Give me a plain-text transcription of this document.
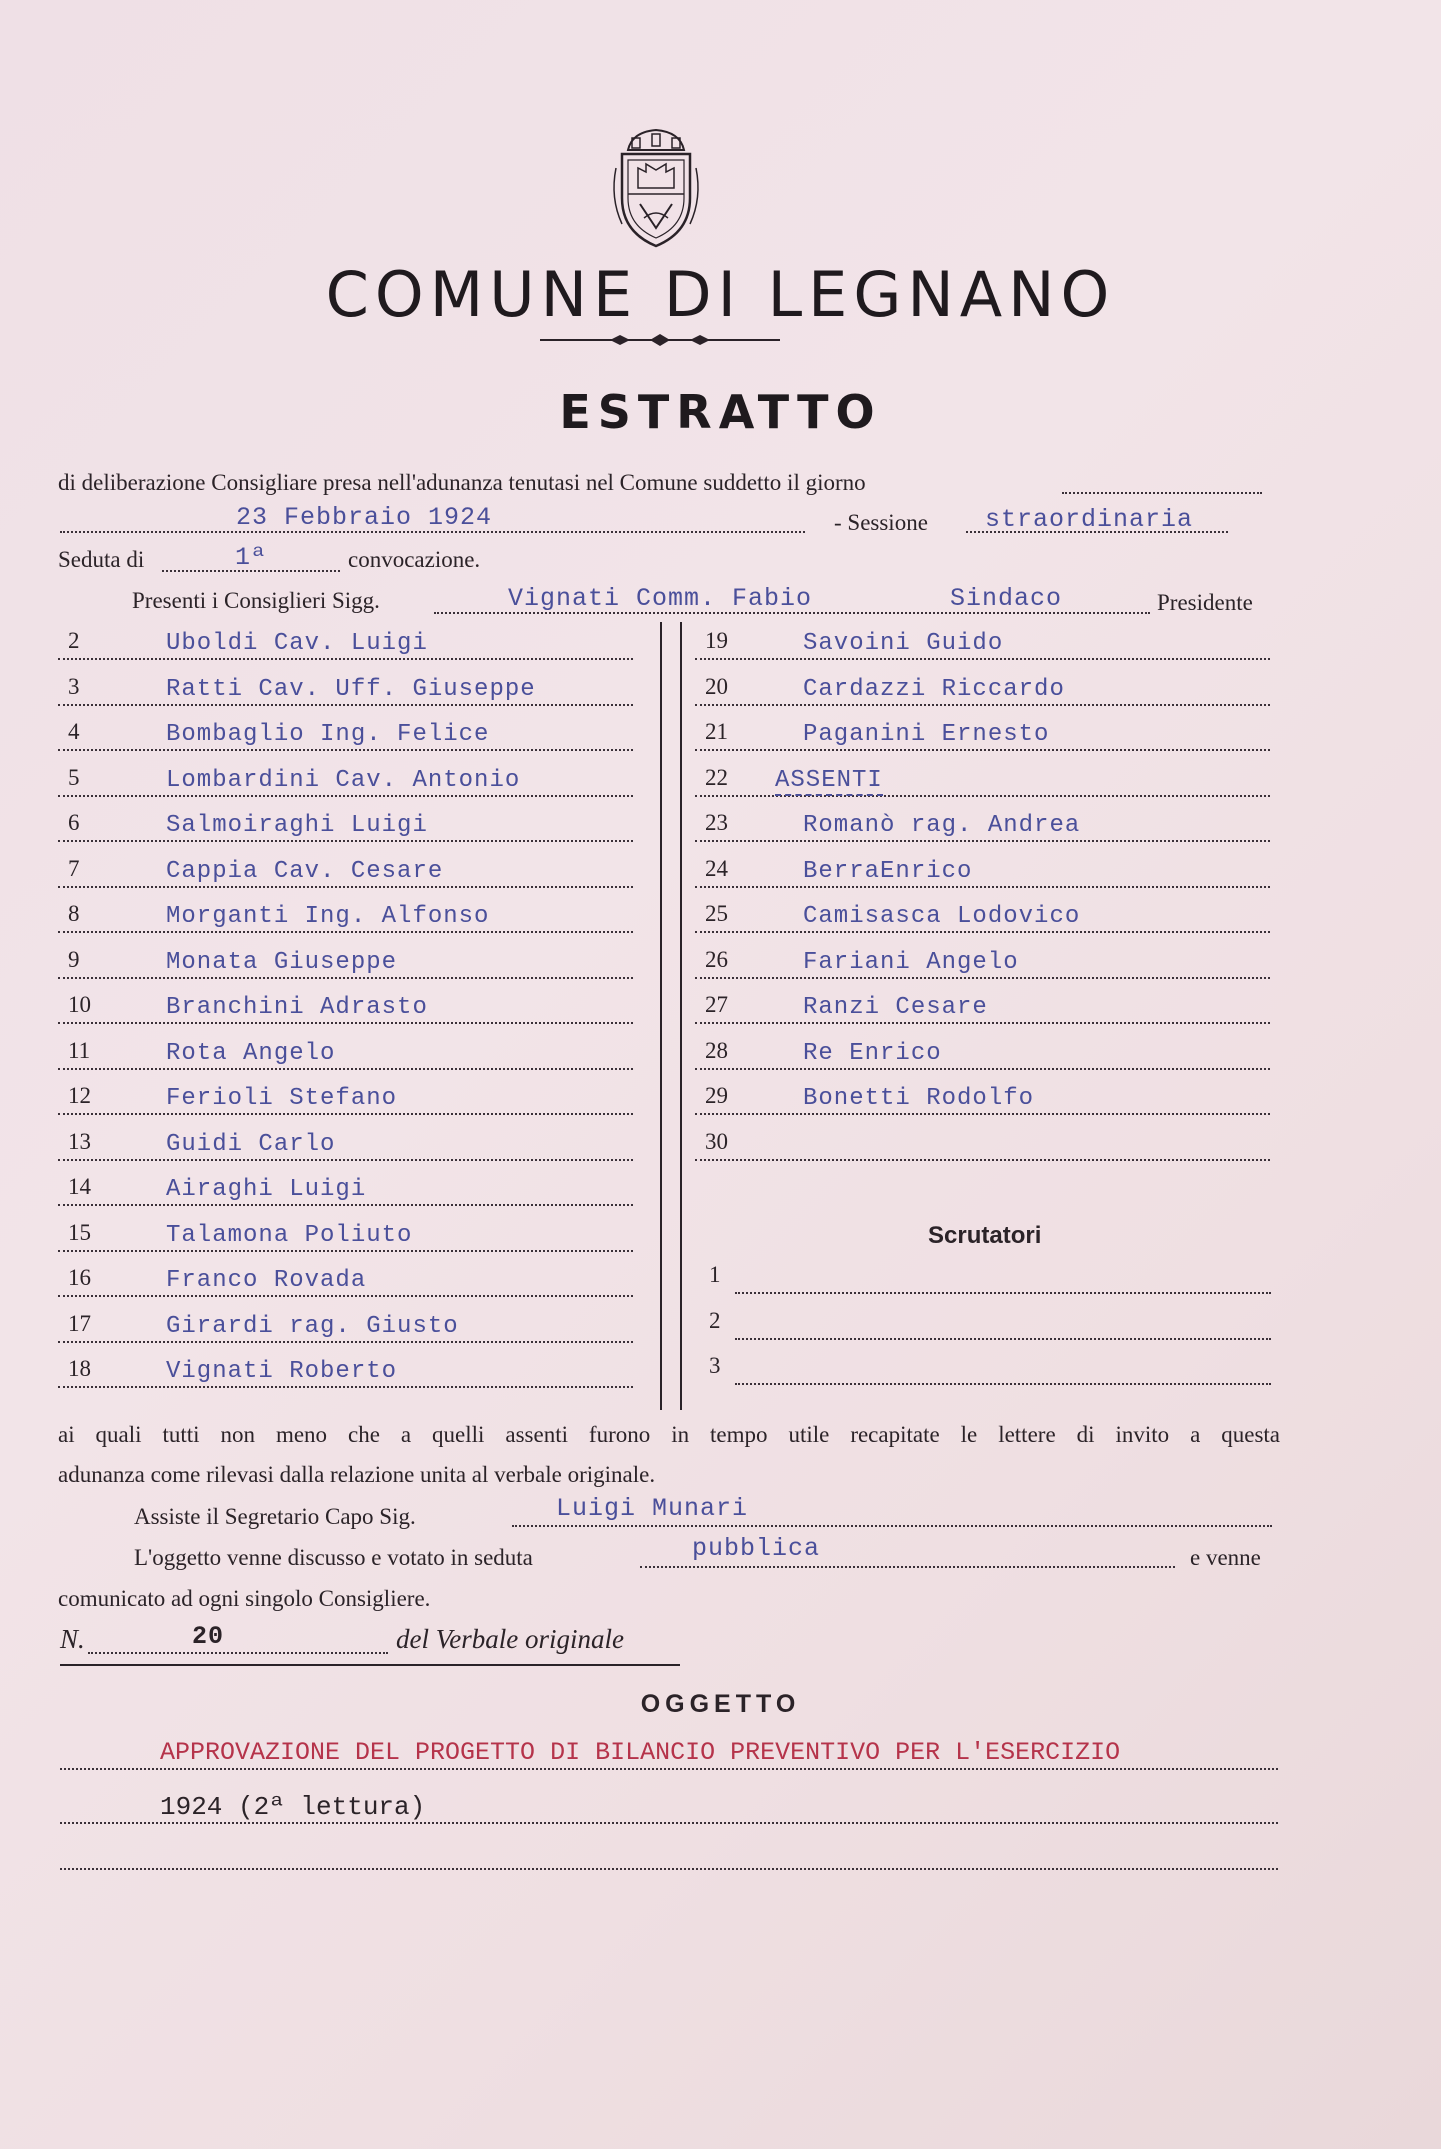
COMUNE DI LEGNANO
ESTRATTO
di deliberazione Consigliare presa nell'adunanza tenutasi nel Comune suddetto il giorno
23 Febbraio 1924	- Sessione straordinaria
Seduta di	1ª	convocazione.
Presenti i Consiglieri Sigg.	Vignati Comm. Fabio	Sindaco	Presidente
2	Uboldi Cav. Luigi
3	Ratti Cav. Uff. Giuseppe
4	Bombaglio Ing. Felice
5	Lombardini Cav. Antonio
6	Salmoiraghi Luigi
7	Cappia Cav. Cesare
8	Morganti Ing. Alfonso
9	Monata Giuseppe
10	Branchini Adrasto
11	Rota Angelo
12	Ferioli Stefano
13	Guidi Carlo
14	Airaghi Luigi
15	Talamona Poliuto
16	Franco Rovada
17	Girardi rag. Giusto
18	Vignati Roberto
19	Savoini Guido
20	Cardazzi Riccardo
21	Paganini Ernesto
22 ASSENTI
23	Romanò rag. Andrea
24	BerraEnrico
25	Camisasca Lodovico
26	Fariani Angelo
27	Ranzi Cesare
28	Re Enrico
29	Bonetti Rodolfo
30
Scrutatori
1
2
3
ai quali tutti non meno che a quelli assenti furono in tempo utile recapitate le lettere di invito a questa
adunanza come rilevasi dalla relazione unita al verbale originale.
Assiste il Segretario Capo Sig.	Luigi Munari
L'oggetto venne discusso e votato in seduta	pubblica	e venne
comunicato ad ogni singolo Consigliere.
N.	20	del Verbale originale
OGGETTO
APPROVAZIONE DEL PROGETTO DI BILANCIO PREVENTIVO PER L'ESERCIZIO
1924 (2ª lettura)
